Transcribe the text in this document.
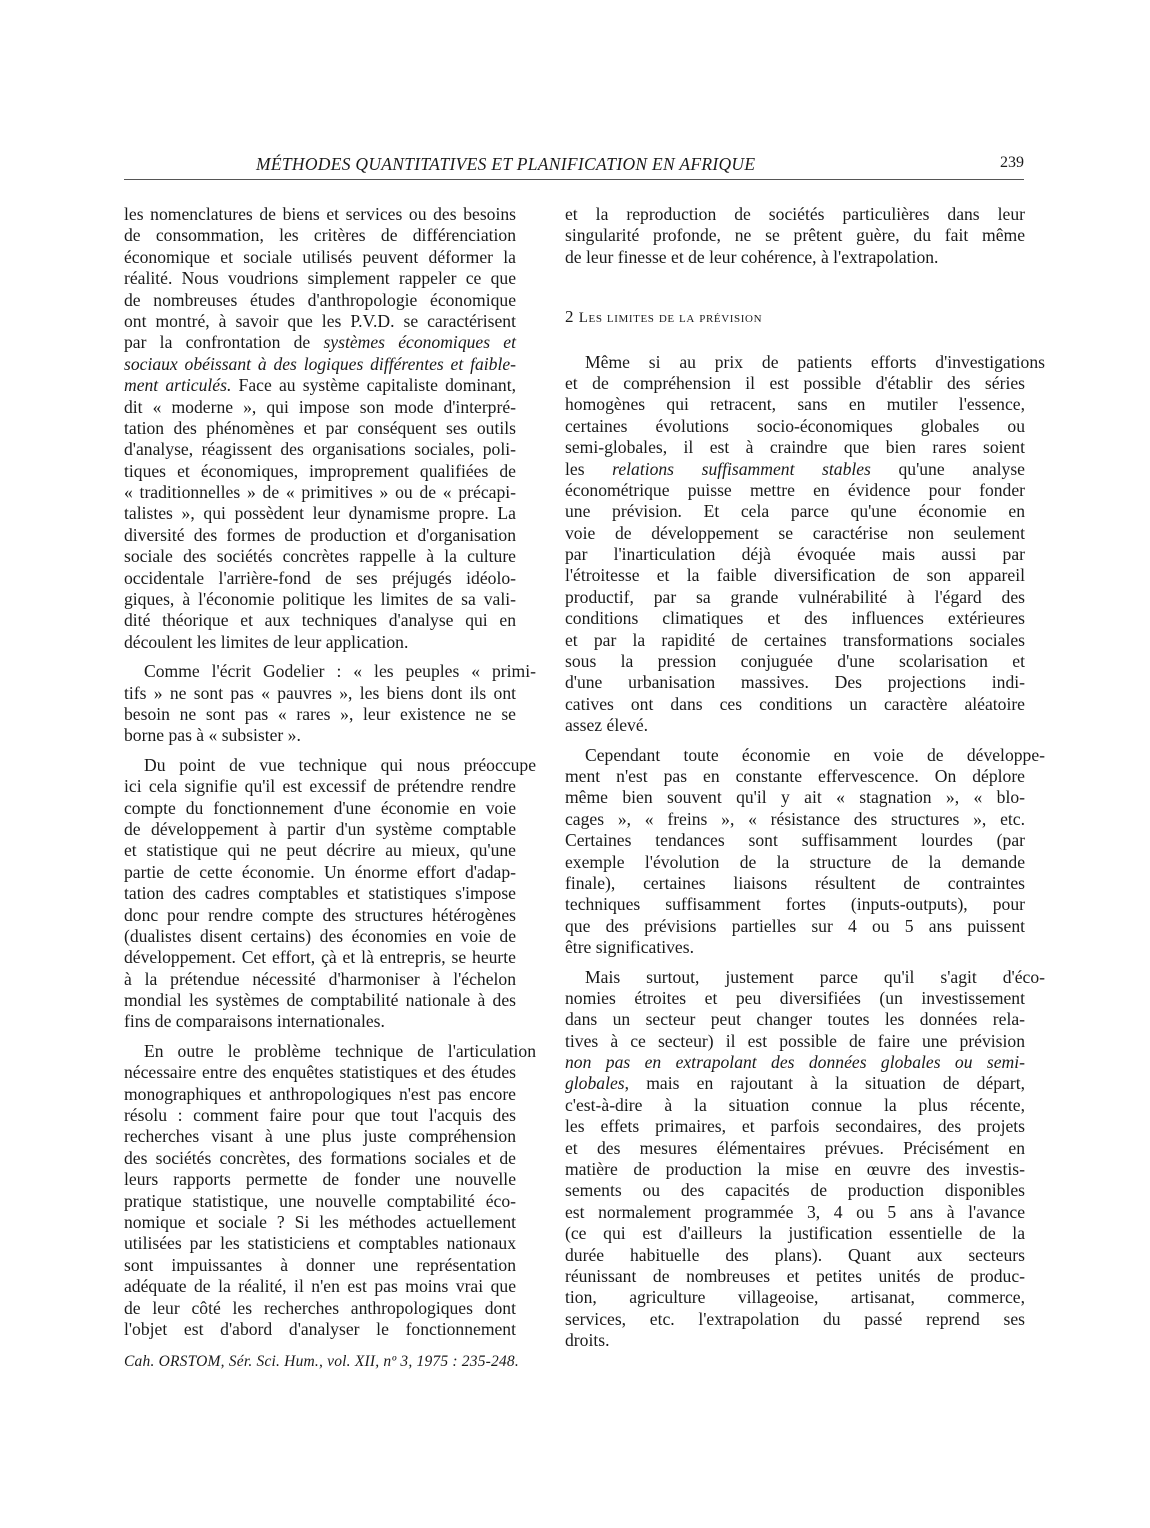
MÉTHODES QUANTITATIVES ET PLANIFICATION EN AFRIQUE	239
les nomenclatures de biens et services ou des besoins
de consommation, les critères de différenciation
économique et sociale utilisés peuvent déformer la
réalité. Nous voudrions simplement rappeler ce que
de nombreuses études d'anthropologie économique
ont montré, à savoir que les P.V.D. se caractérisent
par la confrontation de systèmes économiques et
sociaux obéissant à des logiques différentes et faible-
ment articulés. Face au système capitaliste dominant,
dit « moderne », qui impose son mode d'interpré-
tation des phénomènes et par conséquent ses outils
d'analyse, réagissent des organisations sociales, poli-
tiques et économiques, improprement qualifiées de
« traditionnelles » de « primitives » ou de « précapi-
talistes », qui possèdent leur dynamisme propre. La
diversité des formes de production et d'organisation
sociale des sociétés concrètes rappelle à la culture
occidentale l'arrière-fond de ses préjugés idéolo-
giques, à l'économie politique les limites de sa vali-
dité théorique et aux techniques d'analyse qui en
découlent les limites de leur application.
Comme l'écrit Godelier : « les peuples « primi-
tifs » ne sont pas « pauvres », les biens dont ils ont
besoin ne sont pas « rares », leur existence ne se
borne pas à « subsister ».
Du point de vue technique qui nous préoccupe
ici cela signifie qu'il est excessif de prétendre rendre
compte du fonctionnement d'une économie en voie
de développement à partir d'un système comptable
et statistique qui ne peut décrire au mieux, qu'une
partie de cette économie. Un énorme effort d'adap-
tation des cadres comptables et statistiques s'impose
donc pour rendre compte des structures hétérogènes
(dualistes disent certains) des économies en voie de
développement. Cet effort, çà et là entrepris, se heurte
à la prétendue nécessité d'harmoniser à l'échelon
mondial les systèmes de comptabilité nationale à des
fins de comparaisons internationales.
En outre le problème technique de l'articulation
nécessaire entre des enquêtes statistiques et des études
monographiques et anthropologiques n'est pas encore
résolu : comment faire pour que tout l'acquis des
recherches visant à une plus juste compréhension
des sociétés concrètes, des formations sociales et de
leurs rapports permette de fonder une nouvelle
pratique statistique, une nouvelle comptabilité éco-
nomique et sociale ? Si les méthodes actuellement
utilisées par les statisticiens et comptables nationaux
sont impuissantes à donner une représentation
adéquate de la réalité, il n'en est pas moins vrai que
de leur côté les recherches anthropologiques dont
l'objet est d'abord d'analyser le fonctionnement
et la reproduction de sociétés particulières dans leur
singularité profonde, ne se prêtent guère, du fait même
de leur finesse et de leur cohérence, à l'extrapolation.
2 Les limites de la prévision
Même si au prix de patients efforts d'investigations
et de compréhension il est possible d'établir des séries
homogènes qui retracent, sans en mutiler l'essence,
certaines évolutions socio-économiques globales ou
semi-globales, il est à craindre que bien rares soient
les relations suffisamment stables qu'une analyse
économétrique puisse mettre en évidence pour fonder
une prévision. Et cela parce qu'une économie en
voie de développement se caractérise non seulement
par l'inarticulation déjà évoquée mais aussi par
l'étroitesse et la faible diversification de son appareil
productif, par sa grande vulnérabilité à l'égard des
conditions climatiques et des influences extérieures
et par la rapidité de certaines transformations sociales
sous la pression conjuguée d'une scolarisation et
d'une urbanisation massives. Des projections indi-
catives ont dans ces conditions un caractère aléatoire
assez élevé.
Cependant toute économie en voie de développe-
ment n'est pas en constante effervescence. On déplore
même bien souvent qu'il y ait « stagnation », « blo-
cages », « freins », « résistance des structures », etc.
Certaines tendances sont suffisamment lourdes (par
exemple l'évolution de la structure de la demande
finale), certaines liaisons résultent de contraintes
techniques suffisamment fortes (inputs-outputs), pour
que des prévisions partielles sur 4 ou 5 ans puissent
être significatives.
Mais surtout, justement parce qu'il s'agit d'éco-
nomies étroites et peu diversifiées (un investissement
dans un secteur peut changer toutes les données rela-
tives à ce secteur) il est possible de faire une prévision
non pas en extrapolant des données globales ou semi-
globales, mais en rajoutant à la situation de départ,
c'est-à-dire à la situation connue la plus récente,
les effets primaires, et parfois secondaires, des projets
et des mesures élémentaires prévues. Précisément en
matière de production la mise en œuvre des investis-
sements ou des capacités de production disponibles
est normalement programmée 3, 4 ou 5 ans à l'avance
(ce qui est d'ailleurs la justification essentielle de la
durée habituelle des plans). Quant aux secteurs
réunissant de nombreuses et petites unités de produc-
tion, agriculture villageoise, artisanat, commerce,
services, etc. l'extrapolation du passé reprend ses
droits.
Cah. ORSTOM, Sér. Sci. Hum., vol. XII, nº 3, 1975 : 235-248.
